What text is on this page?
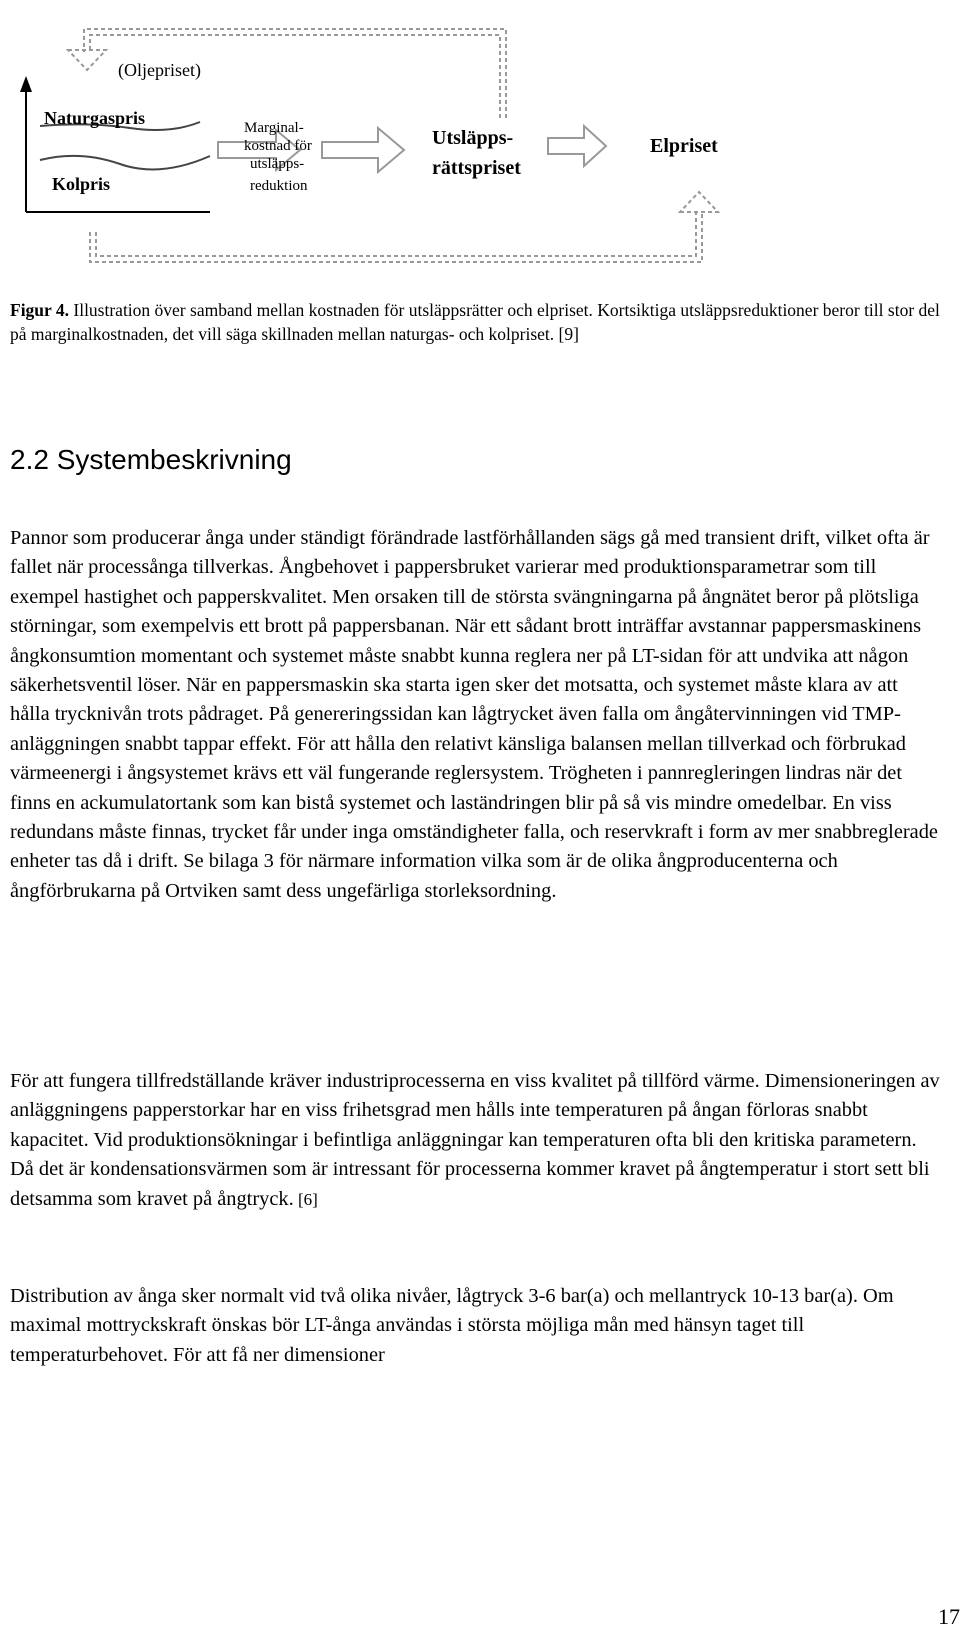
(Oljepriset)
Naturgaspris
Kolpris
Marginal-
kostnad för
utsläpps-
reduktion
Utsläpps-
rättspriset
Elpriset
Figur 4. Illustration över samband mellan kostnaden för utsläppsrätter och elpriset. Kortsiktiga utsläppsreduktioner beror till stor del på marginalkostnaden, det vill säga skillnaden mellan naturgas- och kolpriset. [9]
2.2 Systembeskrivning

Pannor som producerar ånga under ständigt förändrade lastförhållanden sägs gå med transient drift, vilket ofta är fallet när processånga tillverkas. Ångbehovet i pappersbruket varierar med produktionsparametrar som till exempel hastighet och papperskvalitet. Men orsaken till de största svängningarna på ångnätet beror på plötsliga störningar, som exempelvis ett brott på pappersbanan. När ett sådant brott inträffar avstannar pappersmaskinens ångkonsumtion momentant och systemet måste snabbt kunna reglera ner på LT-sidan för att undvika att någon säkerhetsventil löser. När en pappersmaskin ska starta igen sker det motsatta, och systemet måste klara av att hålla trycknivån trots pådraget. På genereringssidan kan lågtrycket även falla om ångåtervinningen vid TMP-anläggningen snabbt tappar effekt. För att hålla den relativt känsliga balansen mellan tillverkad och förbrukad värmeenergi i ångsystemet krävs ett väl fungerande reglersystem. Trögheten i pannregleringen lindras när det finns en ackumulatortank som kan bistå systemet och laständringen blir på så vis mindre omedelbar. En viss redundans måste finnas, trycket får under inga omständigheter falla, och reservkraft i form av mer snabbreglerade enheter tas då i drift. Se bilaga 3 för närmare information vilka som är de olika ångproducenterna och ångförbrukarna på Ortviken samt dess ungefärliga storleksordning.

För att fungera tillfredställande kräver industriprocesserna en viss kvalitet på tillförd värme. Dimensioneringen av anläggningens papperstorkar har en viss frihetsgrad men hålls inte temperaturen på ångan förloras snabbt kapacitet. Vid produktionsökningar i befintliga anläggningar kan temperaturen ofta bli den kritiska parametern. Då det är kondensationsvärmen som är intressant för processerna kommer kravet på ångtemperatur i stort sett bli detsamma som kravet på ångtryck. [6]

Distribution av ånga sker normalt vid två olika nivåer, lågtryck 3-6 bar(a) och mellantryck 10-13 bar(a). Om maximal mottryckskraft önskas bör LT-ånga användas i största möjliga mån med hänsyn taget till temperaturbehovet. För att få ner dimensioner

17
